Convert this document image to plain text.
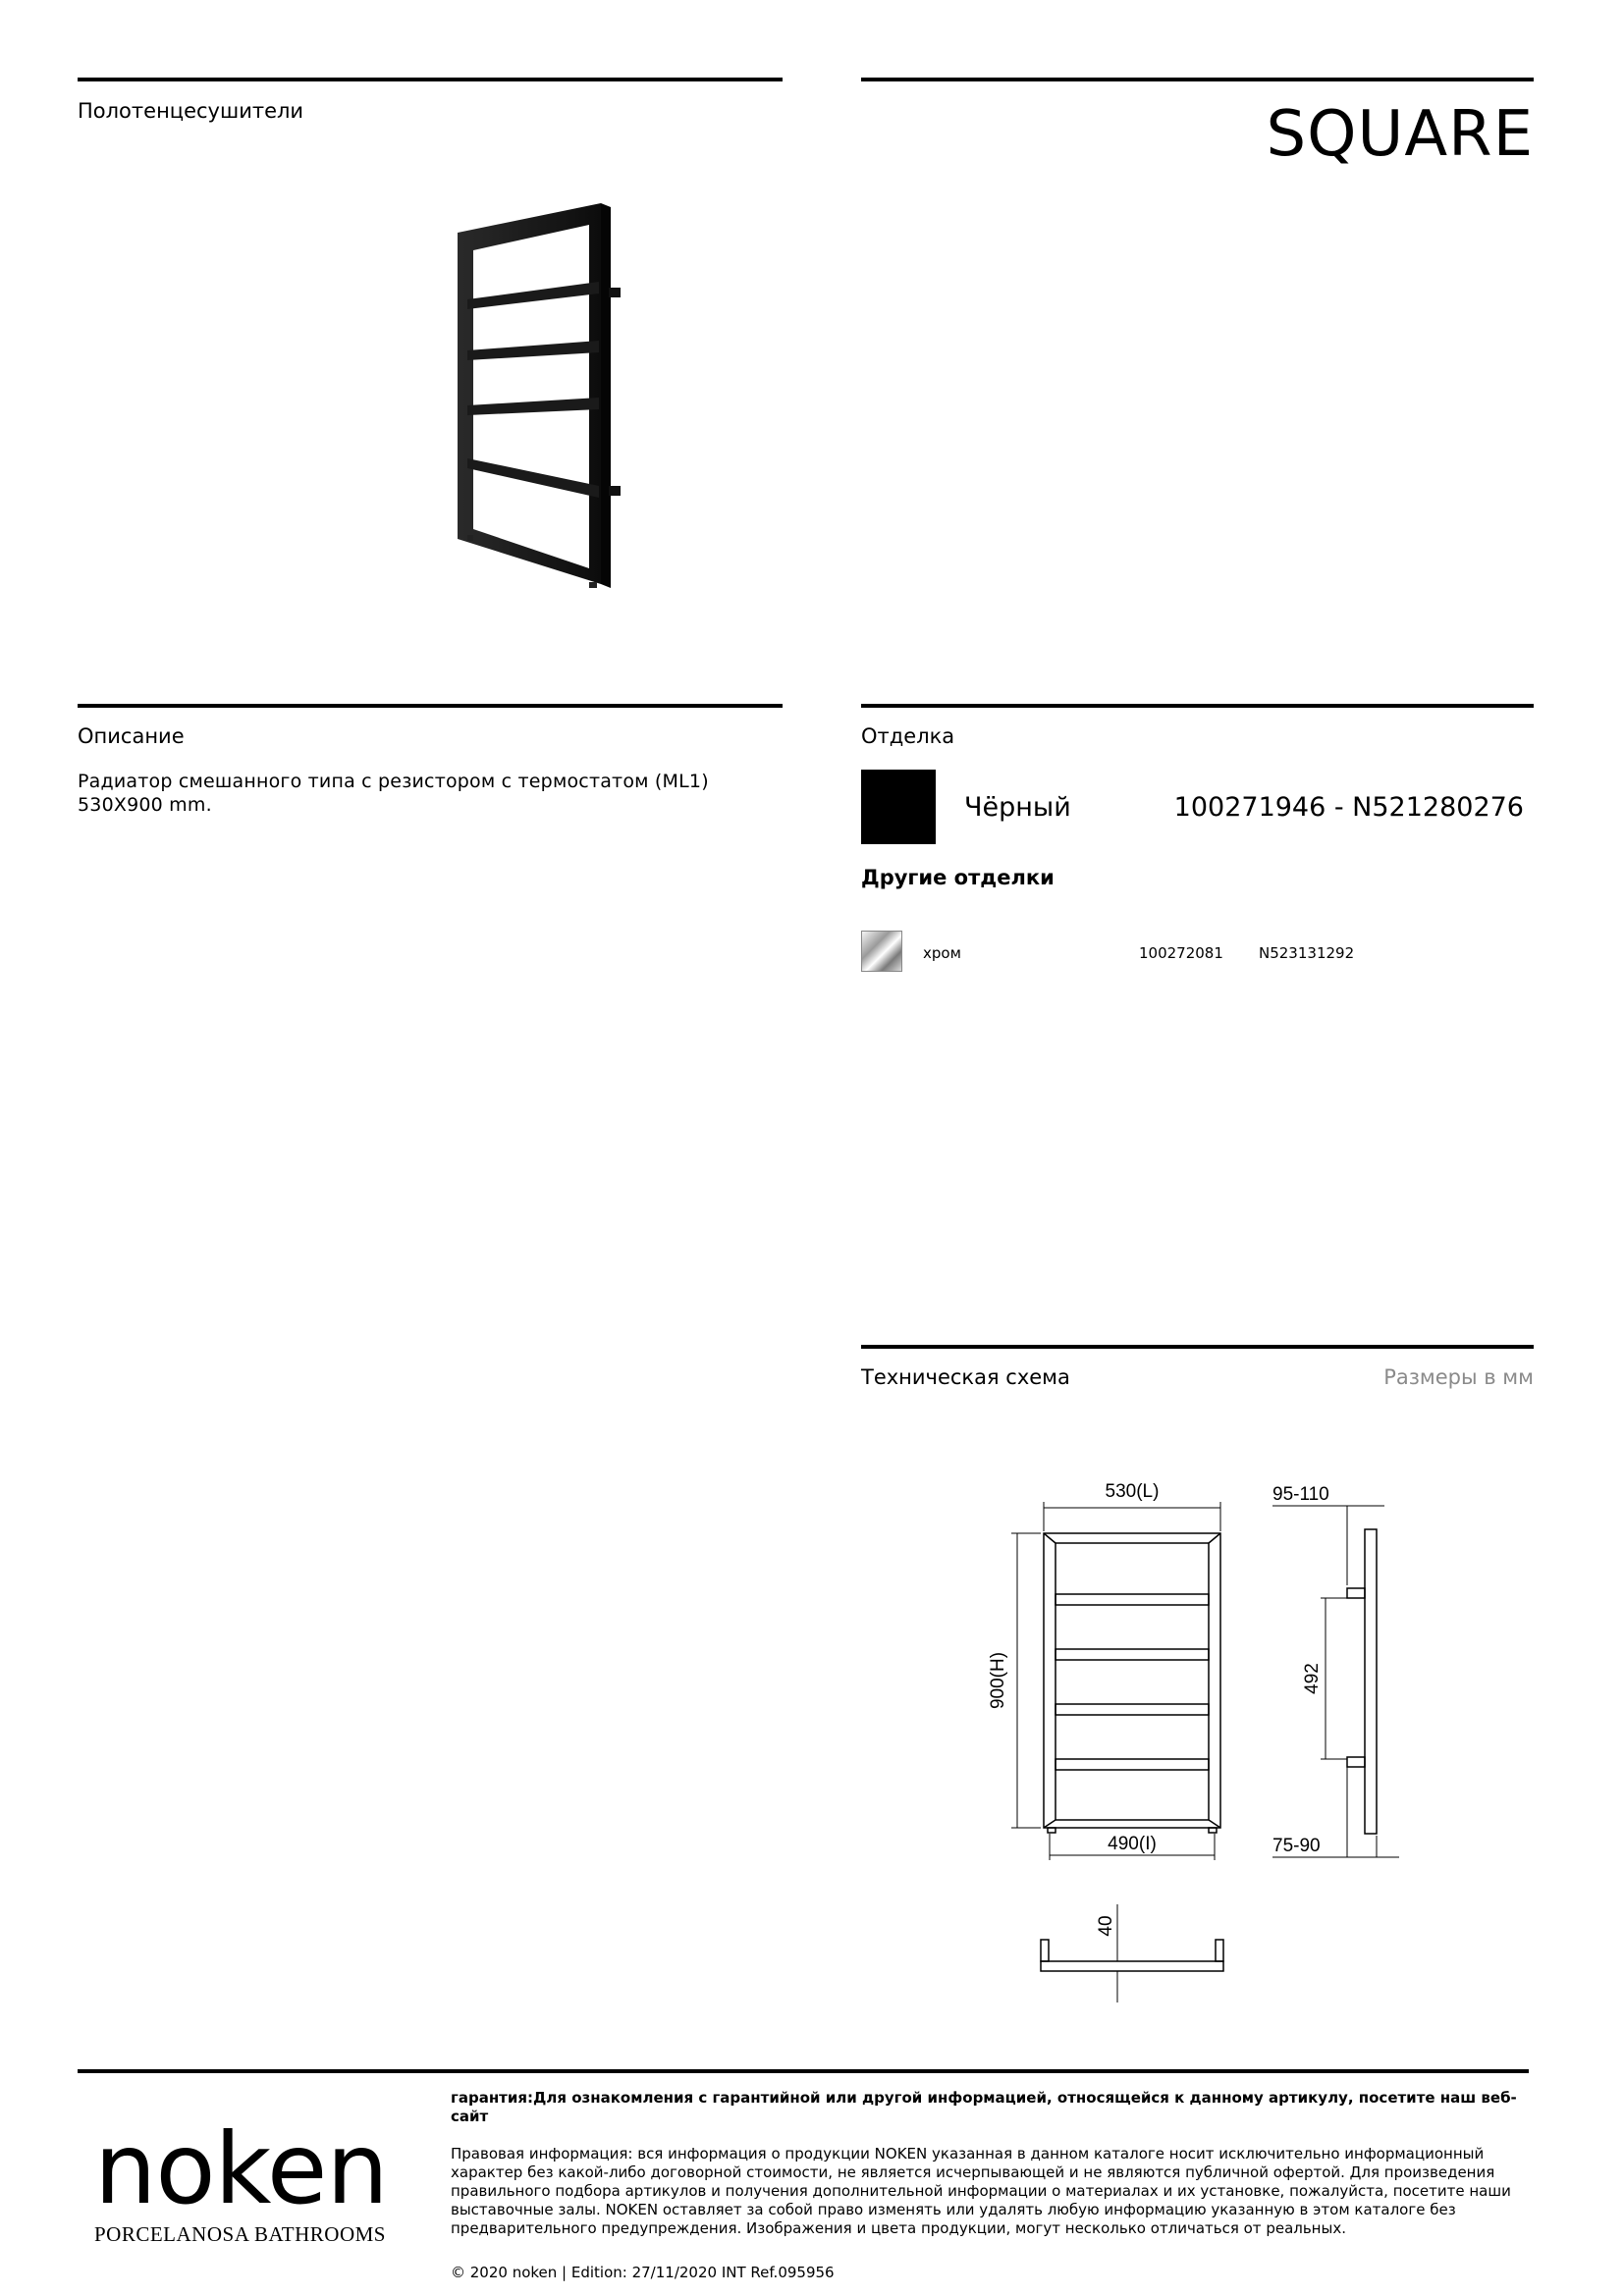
Полотенцесушители	SQUARE
Описание
Радиатор смешанного типа с резистором с термостатом (ML1) 530X900 mm.
Отделка
Чёрный	100271946 - N521280276
Другие отделки
хром	100272081 N523131292
Техническая схема	Размеры в мм
530(L)
900(H)
490(I)
95-110
75-90
492
40
noken
PORCELANOSA BATHROOMS
гарантия:Для ознакомления с гарантийной или другой информацией, относящейся к данному артикулу, посетите наш веб-сайт
Правовая информация: вся информация о продукции NOKEN указанная в данном каталоге носит исключительно информационный характер без какой-либо договорной стоимости, не является исчерпывающей и не являются публичной офертой. Для произведения правильного подбора артикулов и получения дополнительной информации о материалах и их установке, пожалуйста, посетите наши выставочные залы. NOKEN оставляет за собой право изменять или удалять любую информацию указанную в этом каталоге без предварительного предупреждения. Изображения и цвета продукции, могут несколько отличаться от реальных.
© 2020 noken | Edition: 27/11/2020 INT Ref.095956
